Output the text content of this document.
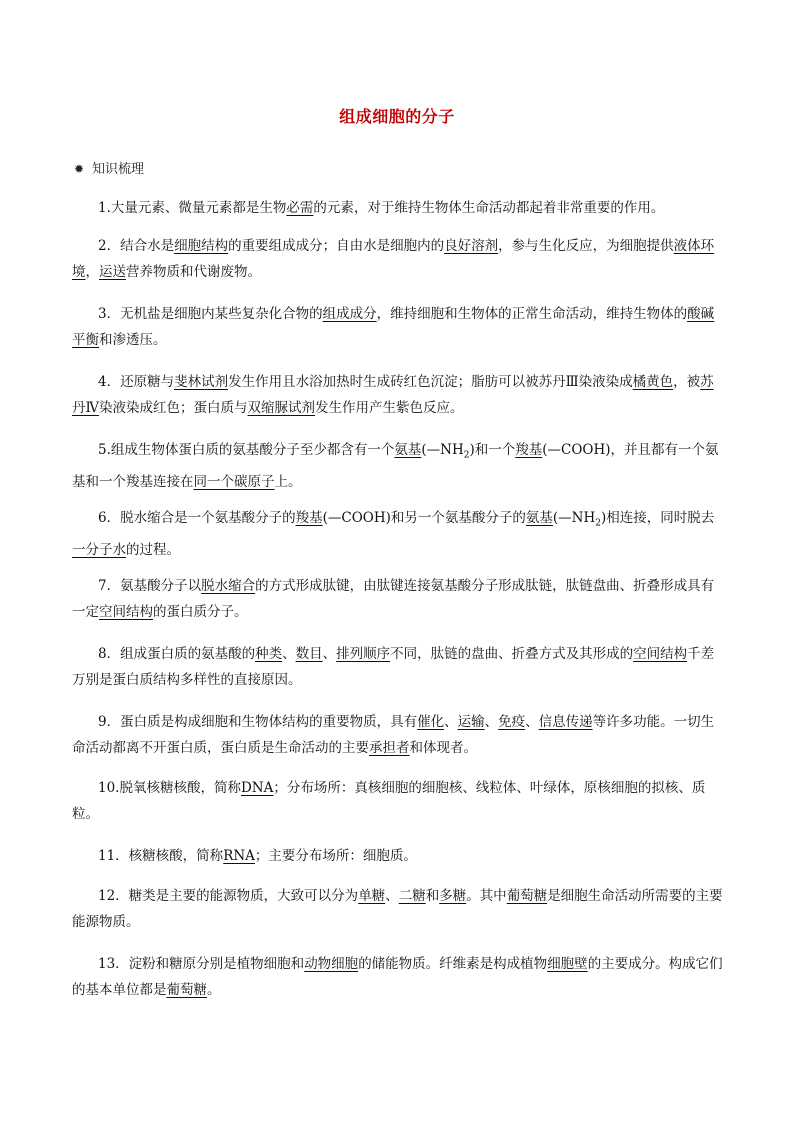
组成细胞的分子
✹ 知识梳理
1.大量元素、微量元素都是生物必需的元素，对于维持生物体生命活动都起着非常重要的作用。
2．结合水是细胞结构的重要组成成分；自由水是细胞内的良好溶剂，参与生化反应，为细胞提供液体环境，运送营养物质和代谢废物。
3．无机盐是细胞内某些复杂化合物的组成成分，维持细胞和生物体的正常生命活动，维持生物体的酸碱平衡和渗透压。
4．还原糖与斐林试剂发生作用且水浴加热时生成砖红色沉淀；脂肪可以被苏丹Ⅲ染液染成橘黄色，被苏丹Ⅳ染液染成红色；蛋白质与双缩脲试剂发生作用产生紫色反应。
5.组成生物体蛋白质的氨基酸分子至少都含有一个氨基$(—NH_2)$和一个羧基(—COOH)，并且都有一个氨基和一个羧基连接在同一个碳原子上。
6．脱水缩合是一个氨基酸分子的羧基(—COOH)和另一个氨基酸分子的氨基$(—NH_2)$相连接，同时脱去一分子水的过程。
7．氨基酸分子以脱水缩合的方式形成肽键，由肽键连接氨基酸分子形成肽链，肽链盘曲、折叠形成具有一定空间结构的蛋白质分子。
8．组成蛋白质的氨基酸的种类、数目、排列顺序不同，肽链的盘曲、折叠方式及其形成的空间结构千差万别是蛋白质结构多样性的直接原因。
9．蛋白质是构成细胞和生物体结构的重要物质，具有催化、运输、免疫、信息传递等许多功能。一切生命活动都离不开蛋白质，蛋白质是生命活动的主要承担者和体现者。
10.脱氧核糖核酸，简称DNA；分布场所：真核细胞的细胞核、线粒体、叶绿体，原核细胞的拟核、质粒。
11．核糖核酸，简称RNA；主要分布场所：细胞质。
12．糖类是主要的能源物质，大致可以分为单糖、二糖和多糖。其中葡萄糖是细胞生命活动所需要的主要能源物质。
13．淀粉和糖原分别是植物细胞和动物细胞的储能物质。纤维素是构成植物细胞壁的主要成分。构成它们的基本单位都是葡萄糖。
